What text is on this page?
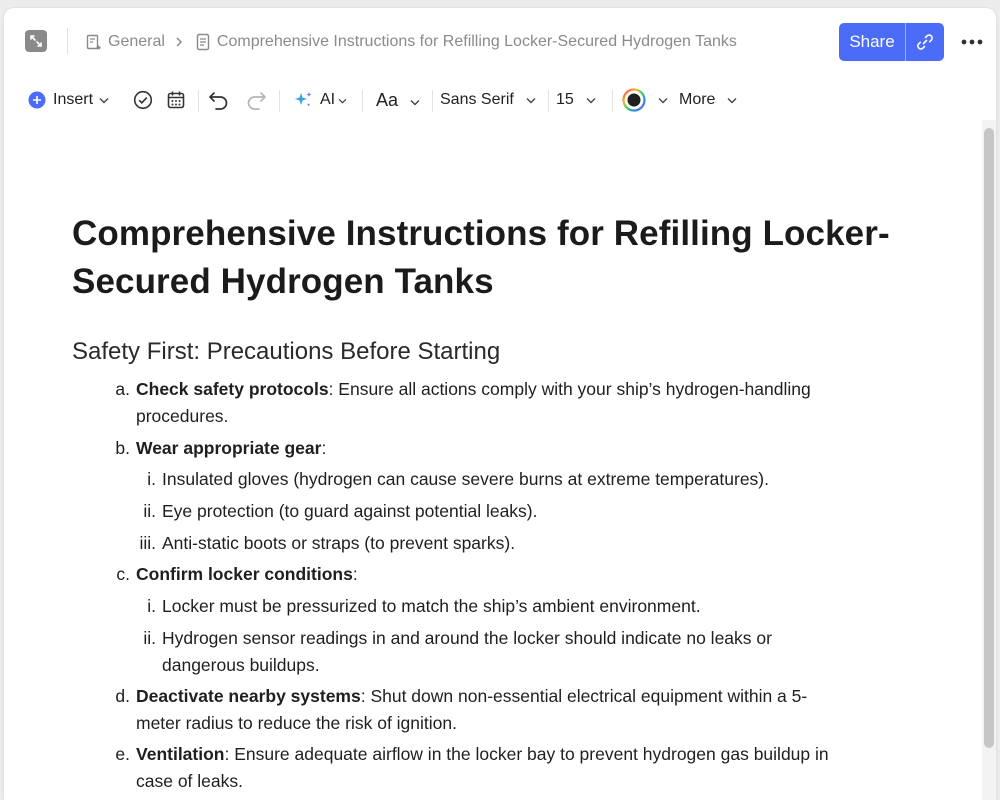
General	Comprehensive Instructions for Refilling Locker-Secured Hydrogen Tanks	Share
Insert	AI Aa	Sans Serif	15	More
Comprehensive Instructions for Refilling Locker-
Secured Hydrogen Tanks
Safety First: Precautions Before Starting
a. Check safety protocols: Ensure all actions comply with your ship’s hydrogen-handling
procedures.
b. Wear appropriate gear:
i. Insulated gloves (hydrogen can cause severe burns at extreme temperatures).
ii. Eye protection (to guard against potential leaks).
iii. Anti-static boots or straps (to prevent sparks).
c. Confirm locker conditions:
i. Locker must be pressurized to match the ship’s ambient environment.
ii. Hydrogen sensor readings in and around the locker should indicate no leaks or
dangerous buildups.
d. Deactivate nearby systems: Shut down non-essential electrical equipment within a 5-
meter radius to reduce the risk of ignition.
e. Ventilation: Ensure adequate airflow in the locker bay to prevent hydrogen gas buildup in
case of leaks.
